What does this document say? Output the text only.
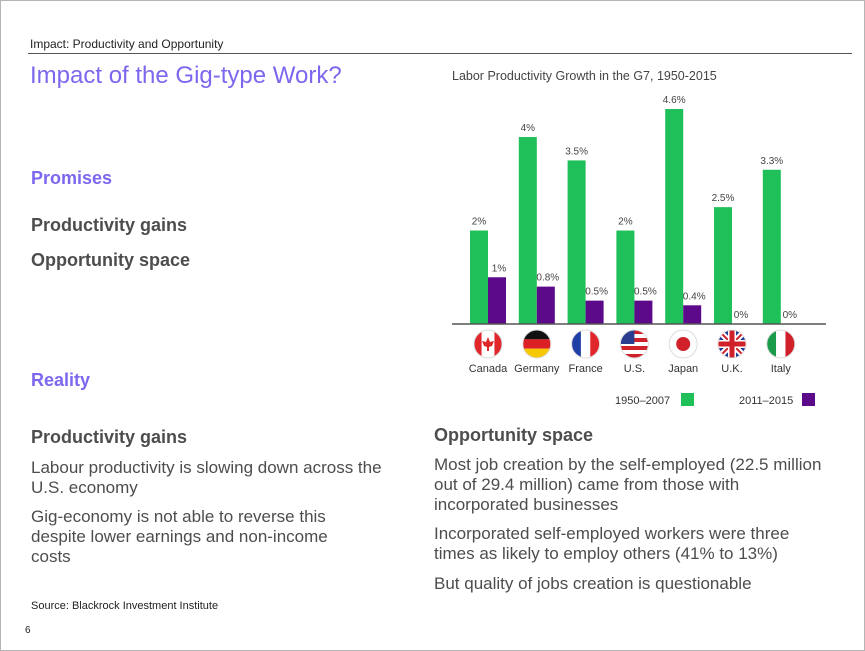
Impact: Productivity and Opportunity
Impact of the Gig-type Work?
Promises
Productivity gains
Opportunity space
Reality
Productivity gains
Labour productivity is slowing down across the U.S. economy
Gig-economy is not able to reverse this despite lower earnings and non-income costs
Opportunity space
Most job creation by the self-employed (22.5 million out of 29.4 million) came from those with incorporated businesses
Incorporated self-employed workers were three times as likely to employ others (41% to 13%)
But quality of jobs creation is questionable
Source: Blackrock Investment Institute
6
Labor Productivity Growth in the G7, 1950-2015
2%
1%
Canada
4%
0.8%
Germany
3.5%
0.5%
France
2%
0.5%
U.S.
4.6%
0.4%
Japan
2.5%
0%
U.K.
3.3%
0%
Italy
1950–2007	2011–2015
